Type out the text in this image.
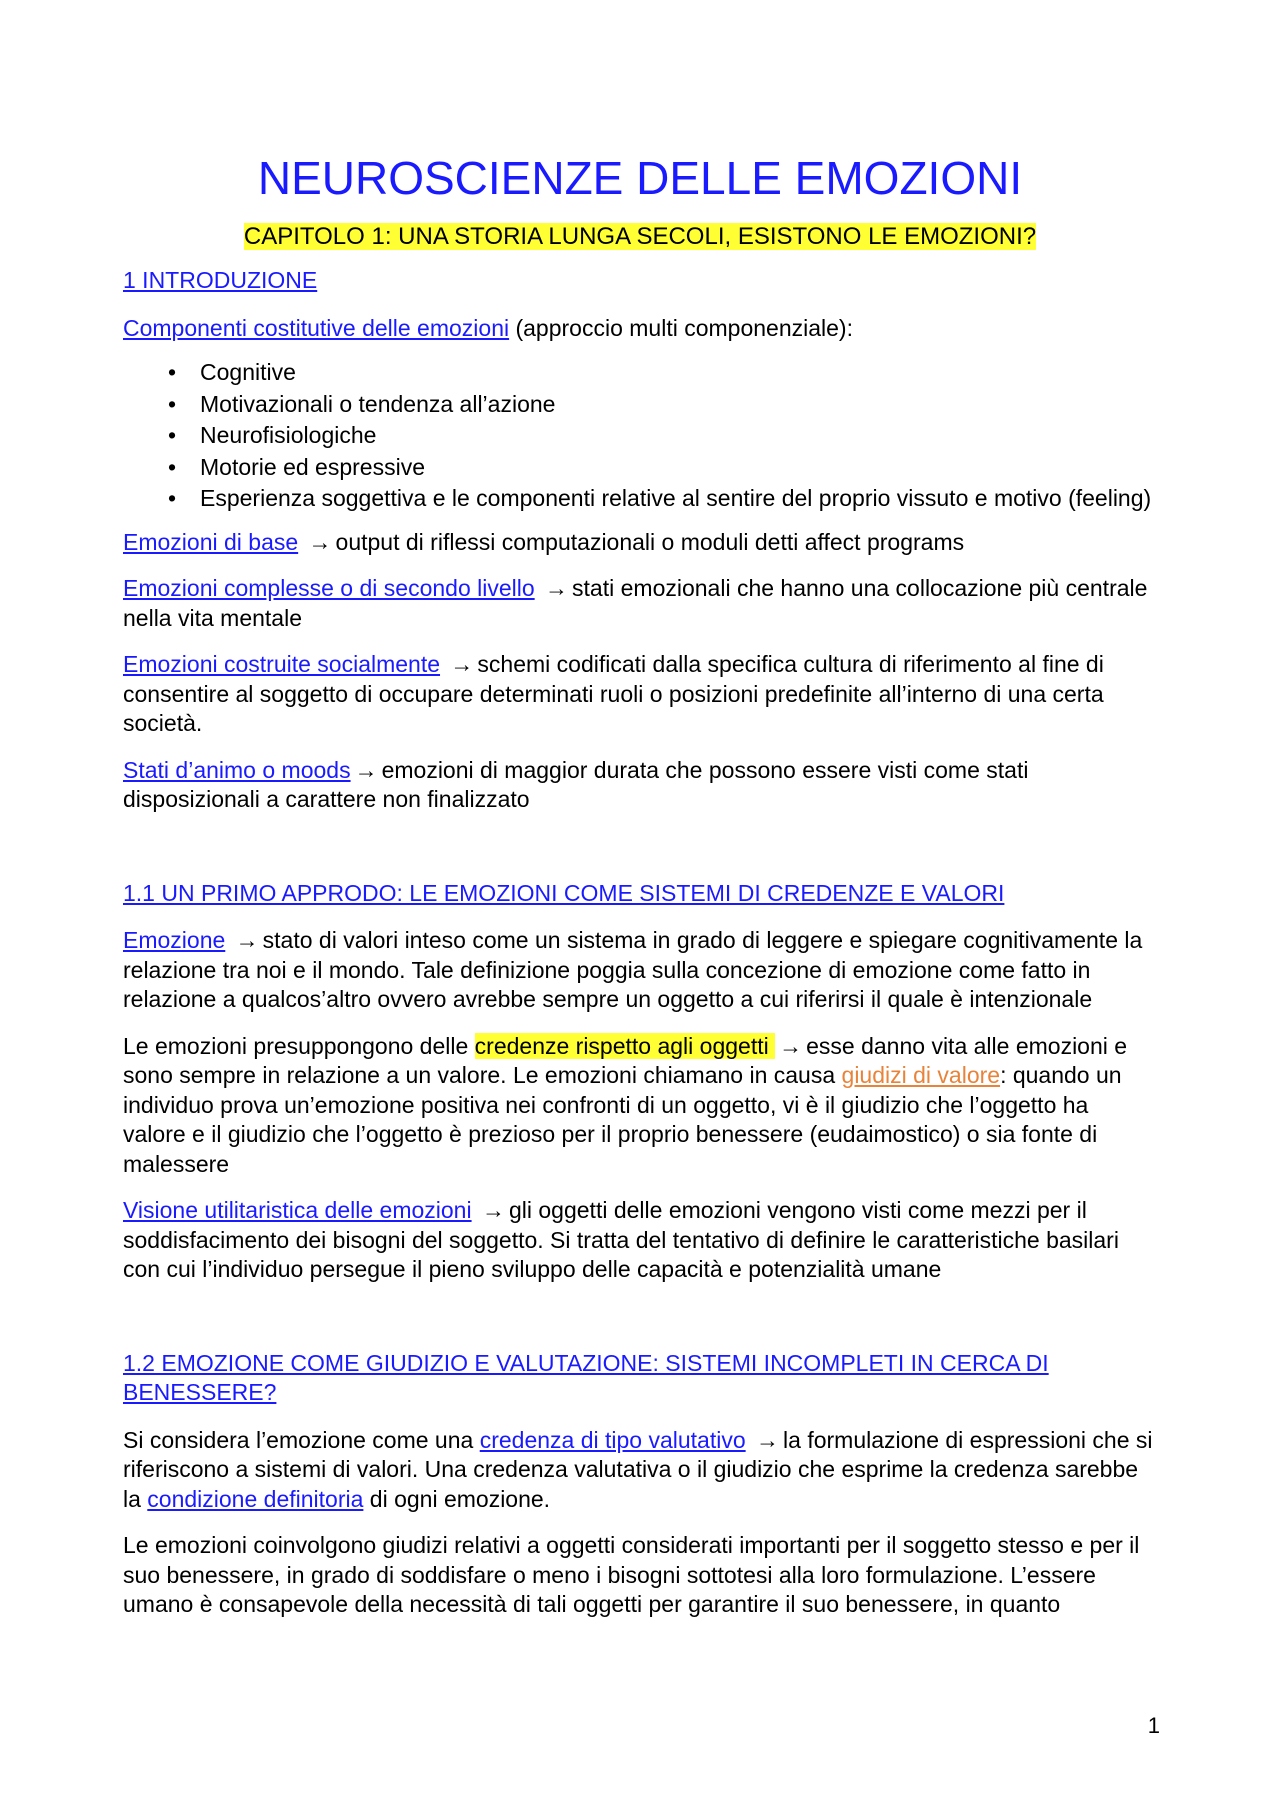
NEUROSCIENZE DELLE EMOZIONI
CAPITOLO 1: UNA STORIA LUNGA SECOLI, ESISTONO LE EMOZIONI?
1 INTRODUZIONE

Componenti costitutive delle emozioni (approccio multi componenziale):

• Cognitive
• Motivazionali o tendenza all’azione
• Neurofisiologiche
• Motorie ed espressive
• Esperienza soggettiva e le componenti relative al sentire del proprio vissuto e motivo (feeling)

Emozioni di base → output di riflessi computazionali o moduli detti affect programs

Emozioni complesse o di secondo livello → stati emozionali che hanno una collocazione più centrale nella vita mentale

Emozioni costruite socialmente → schemi codificati dalla specifica cultura di riferimento al fine di consentire al soggetto di occupare determinati ruoli o posizioni predefinite all’interno di una certa società.

Stati d’animo o moods → emozioni di maggior durata che possono essere visti come stati disposizionali a carattere non finalizzato

1.1 UN PRIMO APPRODO: LE EMOZIONI COME SISTEMI DI CREDENZE E VALORI

Emozione → stato di valori inteso come un sistema in grado di leggere e spiegare cognitivamente la relazione tra noi e il mondo. Tale definizione poggia sulla concezione di emozione come fatto in relazione a qualcos’altro ovvero avrebbe sempre un oggetto a cui riferirsi il quale è intenzionale

Le emozioni presuppongono delle credenze rispetto agli oggetti → esse danno vita alle emozioni e sono sempre in relazione a un valore. Le emozioni chiamano in causa giudizi di valore: quando un individuo prova un’emozione positiva nei confronti di un oggetto, vi è il giudizio che l’oggetto ha valore e il giudizio che l’oggetto è prezioso per il proprio benessere (eudaimostico) o sia fonte di malessere

Visione utilitaristica delle emozioni → gli oggetti delle emozioni vengono visti come mezzi per il soddisfacimento dei bisogni del soggetto. Si tratta del tentativo di definire le caratteristiche basilari con cui l’individuo persegue il pieno sviluppo delle capacità e potenzialità umane

1.2 EMOZIONE COME GIUDIZIO E VALUTAZIONE: SISTEMI INCOMPLETI IN CERCA DI BENESSERE?

Si considera l’emozione come una credenza di tipo valutativo → la formulazione di espressioni che si riferiscono a sistemi di valori. Una credenza valutativa o il giudizio che esprime la credenza sarebbe la condizione definitoria di ogni emozione.

Le emozioni coinvolgono giudizi relativi a oggetti considerati importanti per il soggetto stesso e per il suo benessere, in grado di soddisfare o meno i bisogni sottotesi alla loro formulazione. L’essere umano è consapevole della necessità di tali oggetti per garantire il suo benessere, in quanto

1
